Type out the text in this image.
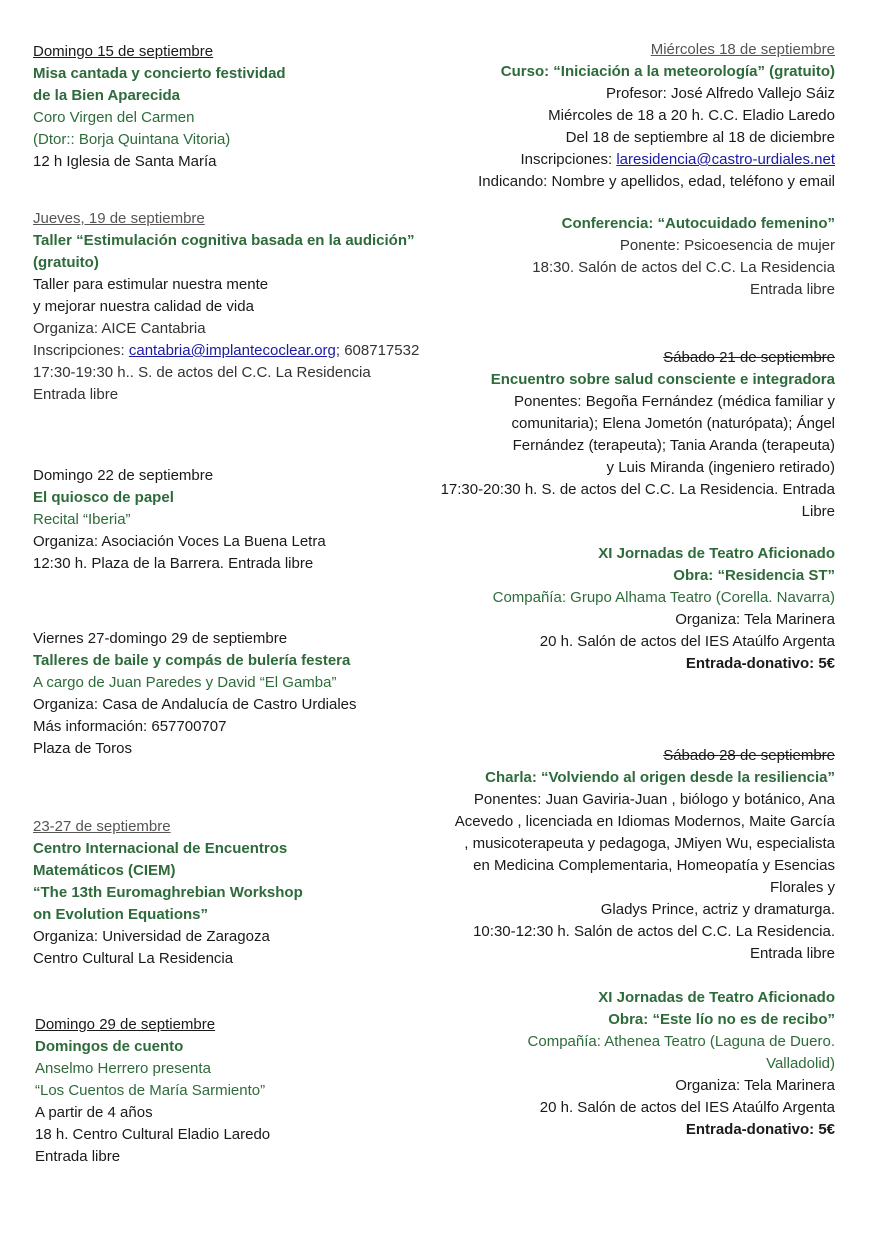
Domingo 15 de septiembre
Misa cantada y concierto festividad
de la Bien Aparecida
Coro Virgen del Carmen
(Dtor:: Borja Quintana Vitoria)
12 h Iglesia de Santa María
Jueves, 19 de septiembre
Taller “Estimulación cognitiva basada en la audición”
(gratuito)
Taller para estimular nuestra mente
y mejorar nuestra calidad de vida
Organiza: AICE Cantabria
Inscripciones: cantabria@implantecoclear.org; 608717532
17:30-19:30 h.. S. de actos del C.C. La Residencia
Entrada libre
Domingo 22 de septiembre
El quiosco de papel
Recital “Iberia”
Organiza: Asociación Voces La Buena Letra
12:30 h. Plaza de la Barrera. Entrada libre
Viernes 27-domingo 29 de septiembre
Talleres de baile y compás de bulería festera
A cargo de Juan Paredes y David “El Gamba”
Organiza: Casa de Andalucía de Castro Urdiales
Más información: 657700707
Plaza de Toros
23-27 de septiembre
Centro Internacional de Encuentros
Matemáticos (CIEM)
“The 13th Euromaghrebian Workshop
on Evolution Equations”
Organiza: Universidad de Zaragoza
Centro Cultural La Residencia
Domingo 29 de septiembre
Domingos de cuento
Anselmo Herrero presenta
“Los Cuentos de María Sarmiento”
A partir de 4 años
18 h. Centro Cultural Eladio Laredo
Entrada libre
Miércoles 18 de septiembre
Curso: “Iniciación a la meteorología” (gratuito)
Profesor: José Alfredo Vallejo Sáiz
Miércoles de 18 a 20 h. C.C. Eladio Laredo
Del 18 de septiembre al 18 de diciembre
Inscripciones: laresidencia@castro-urdiales.net
Indicando: Nombre y apellidos, edad, teléfono y email
Conferencia: “Autocuidado femenino”
Ponente: Psicoesencia de mujer
18:30. Salón de actos del C.C. La Residencia
Entrada libre
Sábado 21 de septiembre
Encuentro sobre salud consciente e integradora
Ponentes: Begoña Fernández (médica familiar y
comunitaria); Elena Jometón (naturópata); Ángel
Fernández (terapeuta); Tania Aranda (terapeuta)
y Luis Miranda (ingeniero retirado)
17:30-20:30 h. S. de actos del C.C. La Residencia. Entrada
Libre
XI Jornadas de Teatro Aficionado
Obra: “Residencia ST”
Compañía: Grupo Alhama Teatro (Corella. Navarra)
Organiza: Tela Marinera
20 h. Salón de actos del IES Ataúlfo Argenta
Entrada-donativo: 5€
Sábado 28 de septiembre
Charla: “Volviendo al origen desde la resiliencia”
Ponentes: Juan Gaviria-Juan , biólogo y botánico, Ana
Acevedo , licenciada en Idiomas Modernos, Maite García
, musicoterapeuta y pedagoga, JMiyen Wu, especialista
en Medicina Complementaria, Homeopatía y Esencias
Florales y
Gladys Prince, actriz y dramaturga.
10:30-12:30 h. Salón de actos del C.C. La Residencia.
Entrada libre
XI Jornadas de Teatro Aficionado
Obra: “Este lío no es de recibo”
Compañía: Athenea Teatro (Laguna de Duero.
Valladolid)
Organiza: Tela Marinera
20 h. Salón de actos del IES Ataúlfo Argenta
Entrada-donativo: 5€
